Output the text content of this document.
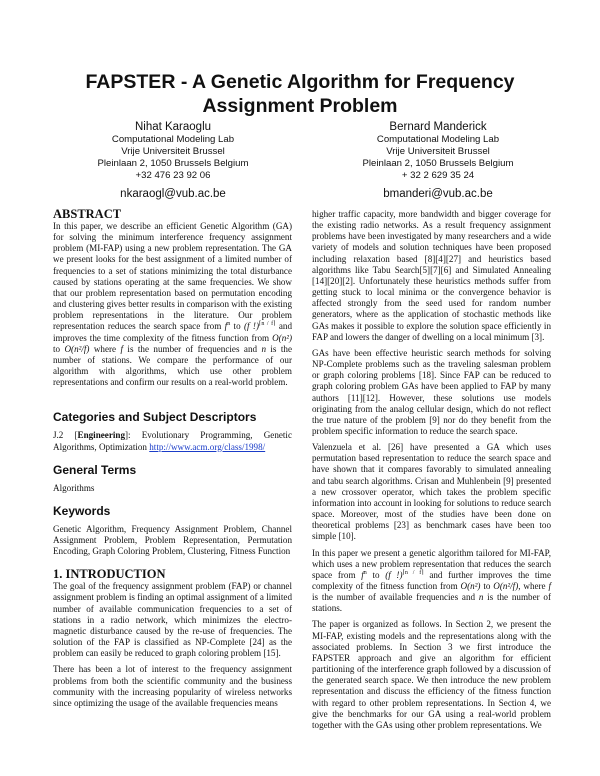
FAPSTER - A Genetic Algorithm for Frequency
Assignment Problem
Nihat Karaoglu
Computational Modeling Lab
Vrije Universiteit Brussel
Pleinlaan 2, 1050 Brussels Belgium
+32 476 23 92 06
nkaraogl@vub.ac.be
Bernard Manderick
Computational Modeling Lab
Vrije Universiteit Brussel
Pleinlaan 2, 1050 Brussels Belgium
+ 32 2 629 35 24
bmanderi@vub.ac.be
ABSTRACT

In this paper, we describe an efficient Genetic Algorithm (GA) for solving the minimum interference frequency assignment problem (MI-FAP) using a new problem representation. The GA we present looks for the best assignment of a limited number of frequencies to a set of stations minimizing the total disturbance caused by stations operating at the same frequencies. We show that our problem representation based on permutation encoding and clustering gives better results in comparison with the existing problem representations in the literature. Our problem representation reduces the search space from $f^n$ to (f !)$^{⌈n / f⌉}$ and improves the time complexity of the fitness function from O(n²) to O(n²/f) where f is the number of frequencies and n is the number of stations. We compare the performance of our algorithm with algorithms, which use other problem representations and confirm our results on a real-world problem.

Categories and Subject Descriptors

J.2 [Engineering]: Evolutionary Programming, Genetic Algorithms, Optimization http://www.acm.org/class/1998/

General Terms

Algorithms

Keywords

Genetic Algorithm, Frequency Assignment Problem, Channel Assignment Problem, Problem Representation, Permutation Encoding, Graph Coloring Problem, Clustering, Fitness Function

1. INTRODUCTION

The goal of the frequency assignment problem (FAP) or channel assignment problem is finding an optimal assignment of a limited number of available communication frequencies to a set of stations in a radio network, which minimizes the electro-magnetic disturbance caused by the re-use of frequencies. The solution of the FAP is classified as NP-Complete [24] as the problem can easily be reduced to graph coloring problem [15].

There has been a lot of interest to the frequency assignment problems from both the scientific community and the business community with the increasing popularity of wireless networks since optimizing the usage of the available frequencies means

higher traffic capacity, more bandwidth and bigger coverage for the existing radio networks. As a result frequency assignment problems have been investigated by many researchers and a wide variety of models and solution techniques have been proposed including relaxation based [8][4][27] and heuristics based algorithms like Tabu Search[5][7][6] and Simulated Annealing [14][20][2]. Unfortunately these heuristics methods suffer from getting stuck to local minima or the convergence behavior is affected strongly from the seed used for random number generators, where as the application of stochastic methods like GAs makes it possible to explore the solution space efficiently in FAP and lowers the danger of dwelling on a local minimum [3].

GAs have been effective heuristic search methods for solving NP-Complete problems such as the traveling salesman problem or graph coloring problems [18]. Since FAP can be reduced to graph coloring problem GAs have been applied to FAP by many authors [11][12]. However, these solutions use models originating from the analog cellular design, which do not reflect the true nature of the problem [9] nor do they benefit from the problem specific information to reduce the search space.

Valenzuela et al. [26] have presented a GA which uses permutation based representation to reduce the search space and have shown that it compares favorably to simulated annealing and tabu search algorithms. Crisan and Muhlenbein [9] presented a new crossover operator, which takes the problem specific information into account in looking for solutions to reduce search space. Moreover, most of the studies have been done on theoretical problems [23] as benchmark cases have been too simple [10].

In this paper we present a genetic algorithm tailored for MI-FAP, which uses a new problem representation that reduces the search space from $f^n$ to (f !)$^{⌈n / f⌉}$ and further improves the time complexity of the fitness function from O(n²) to O(n²/f), where f is the number of available frequencies and n is the number of stations.

The paper is organized as follows. In Section 2, we present the MI-FAP, existing models and the representations along with the associated problems. In Section 3 we first introduce the FAPSTER approach and give an algorithm for efficient partitioning of the interference graph followed by a discussion of the generated search space. We then introduce the new problem representation and discuss the efficiency of the fitness function with regard to other problem representations. In Section 4, we give the benchmarks for our GA using a real-world problem together with the GAs using other problem representations. We
